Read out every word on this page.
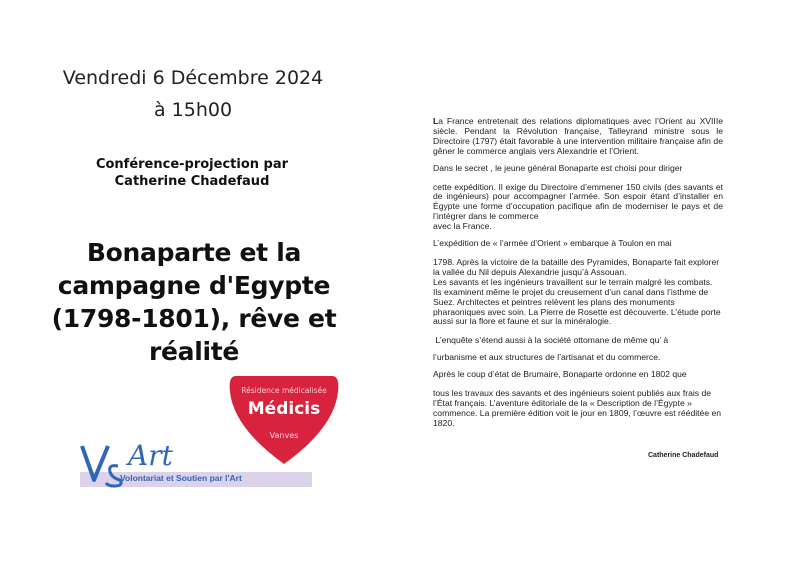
Vendredi 6 Décembre 2024
à 15h00
Conférence-projection par
Catherine Chadefaud
Bonaparte et la
campagne d'Egypte
(1798-1801), rêve et
réalité
Résidence médicalisée
Médicis
Vanves
Art
Volontariat et Soutien par l'Art

La France entretenait des relations diplomatiques avec l’Orient au XVIIIe siècle. Pendant la Révolution française, Talleyrand ministre sous le Directoire (1797) était favorable à une intervention militaire française afin de gêner le commerce anglais vers Alexandrie et l’Orient.

Dans le secret , le jeune général Bonaparte est choisi pour diriger

cette expédition. Il exige du Directoire d’emmener 150 civils (des savants et de ingénieurs) pour accompagner l’armée. Son espoir étant d’installer en Égypte une forme d’occupation pacifique afin de moderniser le pays et de l’intégrer dans le commerce

avec la France.

L’expédition de « l’armée d’Orient » embarque à Toulon en mai

1798. Après la victoire de la bataille des Pyramides, Bonaparte fait explorer la vallée du Nil depuis Alexandrie jusqu’à Assouan.

Les savants et les ingénieurs travaillent sur le terrain malgré les combats. Ils examinent même le projet du creusement d’un canal dans l’isthme de Suez. Architectes et peintres relèvent les plans des monuments pharaoniques avec soin. La Pierre de Rosette est découverte. L’étude porte aussi sur la flore et faune et sur la minéralogie.

L’enquête s’étend aussi à la société ottomane de même qu’ à

l’urbanisme et aux structures de l’artisanat et du commerce.

Après le coup d’état de Brumaire, Bonaparte ordonne en 1802 que

tous les travaux des savants et des ingénieurs soient publiés aux frais de l’État français. L’aventure éditoriale de la « Description de l’Égypte » commence. La première édition voit le jour en 1809, l’œuvre est rééditée en 1820.

Catherine Chadefaud
